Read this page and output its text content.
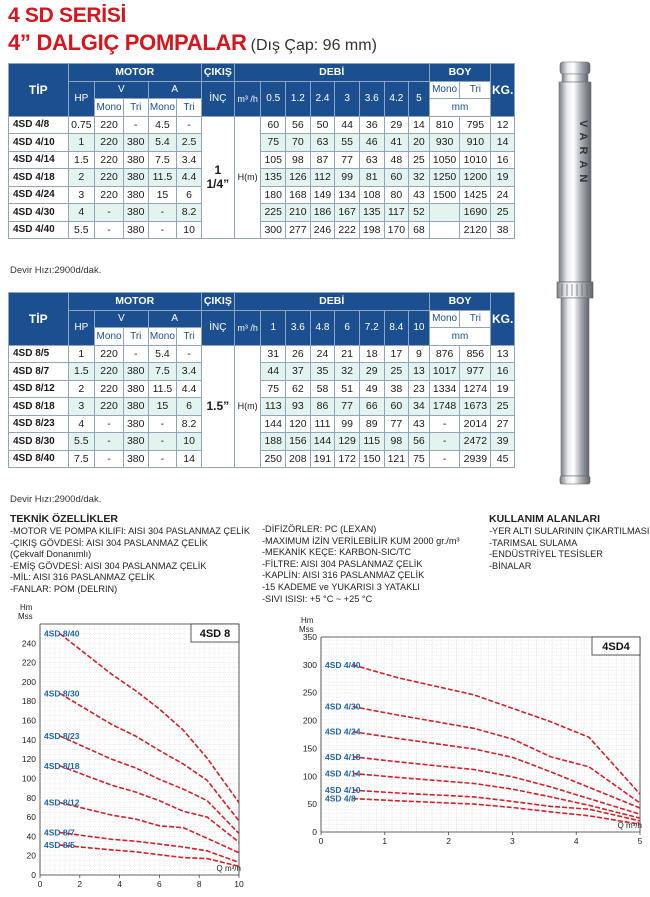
4 SD SERİSİ
4” DALGIÇ POMPALAR (Dış Çap: 96 mm)
TİP	MOTOR					ÇIKIŞ	DEBİ								BOY		KG.
	HP	V		A		İNÇ	m³ /h	0.5	1.2	2.4	3	3.6	4.2	5	Mono	Tri	
		Mono	Tri	Mono	Tri										mm		
4SD 4/8	0.75	220	-	4.5	-	1 1/4”	H(m)	60	56	50	44	36	29	14	810	795	12
4SD 4/10	1	220	380	5.4	2.5			75	70	63	55	46	41	20	930	910	14
4SD 4/14	1.5	220	380	7.5	3.4			105	98	87	77	63	48	25	1050	1010	16
4SD 4/18	2	220	380	11.5	4.4			135	126	112	99	81	60	32	1250	1200	19
4SD 4/24	3	220	380	15	6			180	168	149	134	108	80	43	1500	1425	24
4SD 4/30	4	-	380	-	8.2			225	210	186	167	135	117	52		1690	25
4SD 4/40	5.5	-	380	-	10			300	277	246	222	198	170	68		2120	38
Devir Hızı:2900d/dak.
TİP	MOTOR					ÇIKIŞ	DEBİ								BOY		KG.
	HP	V		A		İNÇ	m³ /h	1	3.6	4.8	6	7.2	8.4	10	Mono	Tri	
		Mono	Tri	Mono	Tri										mm		
4SD 8/5	1	220	-	5.4	-	1.5”	H(m)	31	26	24	21	18	17	9	876	856	13
4SD 8/7	1.5	220	380	7.5	3.4			44	37	35	32	29	25	13	1017	977	16
4SD 8/12	2	220	380	11.5	4.4			75	62	58	51	49	38	23	1334	1274	19
4SD 8/18	3	220	380	15	6			113	93	86	77	66	60	34	1748	1673	25
4SD 8/23	4	-	380	-	8.2			144	120	111	99	89	77	43	-	2014	27
4SD 8/30	5.5	-	380	-	10			188	156	144	129	115	98	56	-	2472	39
4SD 8/40	7.5	-	380	-	14			250	208	191	172	150	121	75	-	2939	45
Devir Hızı:2900d/dak.
VARAN
TEKNİK ÖZELLİKLER
-MOTOR VE POMPA KILIFI: AISI 304 PASLANMAZ ÇELİK
-ÇIKIŞ GÖVDESİ: AISI 304 PASLANMAZ ÇELİK
(Çekvalf Donanımlı)
-EMİŞ GÖVDESİ: AISI 304 PASLANMAZ ÇELİK
-MİL: AISI 316 PASLANMAZ ÇELİK
-FANLAR: POM (DELRIN)
-DİFİZÖRLER: PC (LEXAN)
-MAXIMUM İZİN VERİLEBİLİR KUM 2000 gr./m³
-MEKANİK KEÇE: KARBON-SIC/TC
-FİLTRE: AISI 304 PASLANMAZ ÇELİK
-KAPLİN: AISI 316 PASLANMAZ ÇELİK
-15 KADEME ve YUKARISI 3 YATAKLI
-SIVI ISISI: +5 °C ~ +25 °C
KULLANIM ALANLARI
-YER ALTI SULARININ ÇIKARTILMASI
-TARIMSAL SULAMA
-ENDÜSTRİYEL TESİSLER
-BİNALAR
0	2	4	6	8	10
0
20
40
60
80
100
120
140
160
180
200
220
240
Hm
Mss
Q m³/h
4SD 8
4SD 8/40
4SD 8/30
4SD 8/23
4SD 8/18
4SD 8/12
4SD 8/7
4SD 8/5	0	1	2	3	4	5
0
50
100
150
200
250
300
350
Hm
Mss
Q m³/h
4SD4
4SD 4/40
4SD 4/30
4SD 4/24
4SD 4/18
4SD 4/14
4SD 4/10
4SD 4/8
